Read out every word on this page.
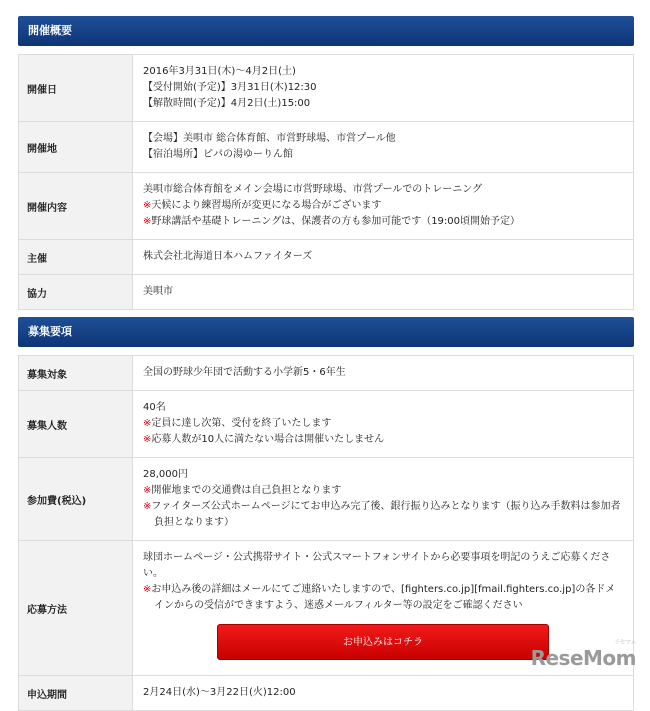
開催概要
開催日	2016年3月31日(木)～4月2日(土)
【受付開始(予定)】3月31日(木)12:30
【解散時間(予定)】4月2日(土)15:00

開催地	【会場】美唄市 総合体育館、市営野球場、市営プール他
【宿泊場所】ピパの湯ゆーりん館

開催内容	美唄市総合体育館をメイン会場に市営野球場、市営プールでのトレーニング
※天候により練習場所が変更になる場合がございます
※野球講話や基礎トレーニングは、保護者の方も参加可能です（19:00頃開始予定）

主催	株式会社北海道日本ハムファイターズ

協力	美唄市
募集要項
募集対象	全国の野球少年団で活動する小学新5・6年生

募集人数	40名
※定員に達し次第、受付を終了いたします
※応募人数が10人に満たない場合は開催いたしません

参加費(税込)	28,000円
※開催地までの交通費は自己負担となります
※ファイターズ公式ホームページにてお申込み完了後、銀行振り込みとなります（振り込み手数料は参加者負担となります）

応募方法	球団ホームページ・公式携帯サイト・公式スマートフォンサイトから必要事項を明記のうえご応募ください。
※お申込み後の詳細はメールにてご連絡いたしますので、[fighters.co.jp][fmail.fighters.co.jp]の各ドメインからの受信ができますよう、迷惑メールフィルター等の設定をご確認ください
お申込みはコチラ

申込期間	2月24日(水)～3月22日(火)12:00
リセマム
ReseMom
